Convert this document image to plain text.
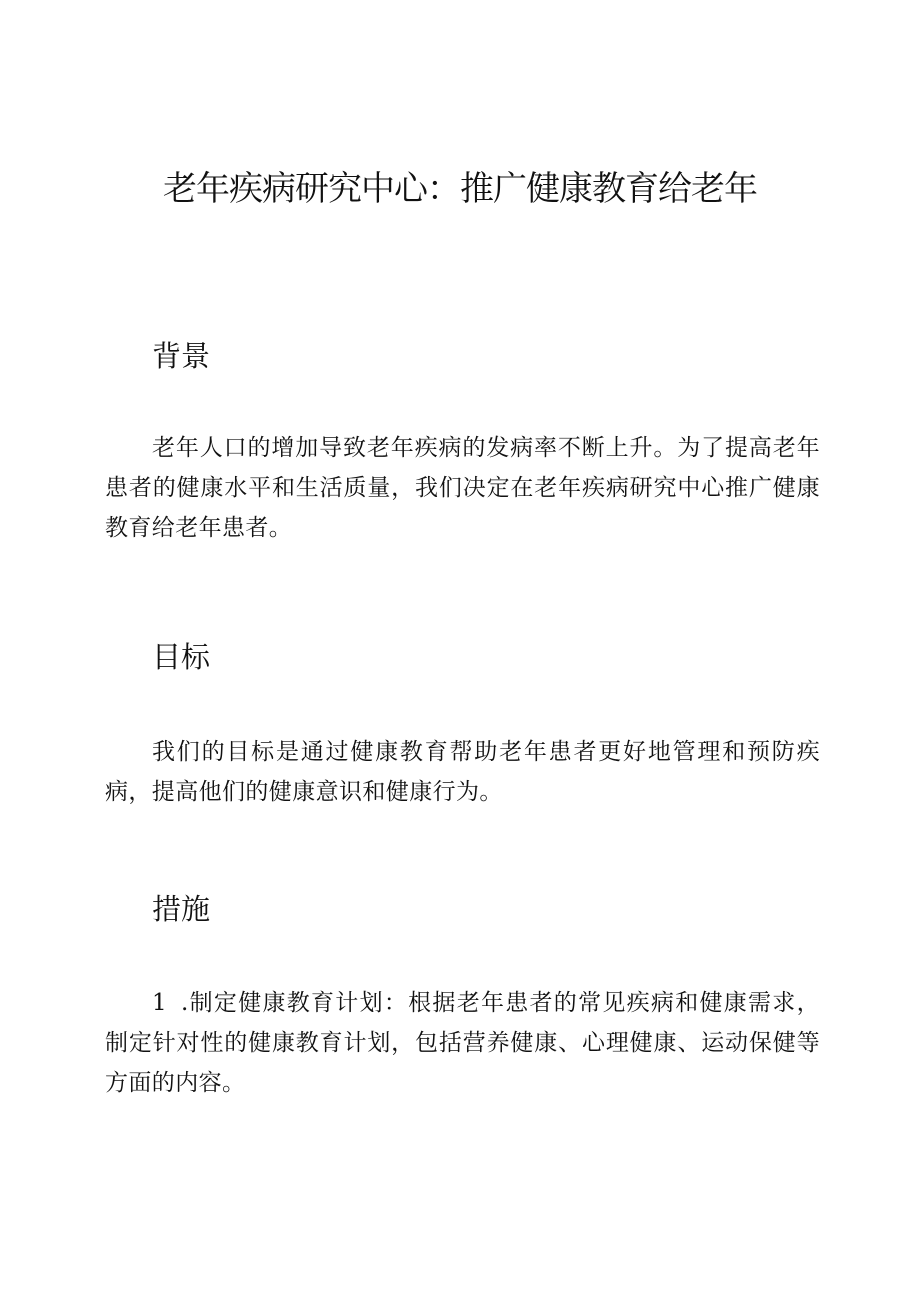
老年疾病研究中心：推广健康教育给老年
背景

老年人口的增加导致老年疾病的发病率不断上升。为了提高老年患者的健康水平和生活质量，我们决定在老年疾病研究中心推广健康教育给老年患者。

目标

我们的目标是通过健康教育帮助老年患者更好地管理和预防疾病，提高他们的健康意识和健康行为。

措施

1 .制定健康教育计划：根据老年患者的常见疾病和健康需求，制定针对性的健康教育计划，包括营养健康、心理健康、运动保健等方面的内容。
